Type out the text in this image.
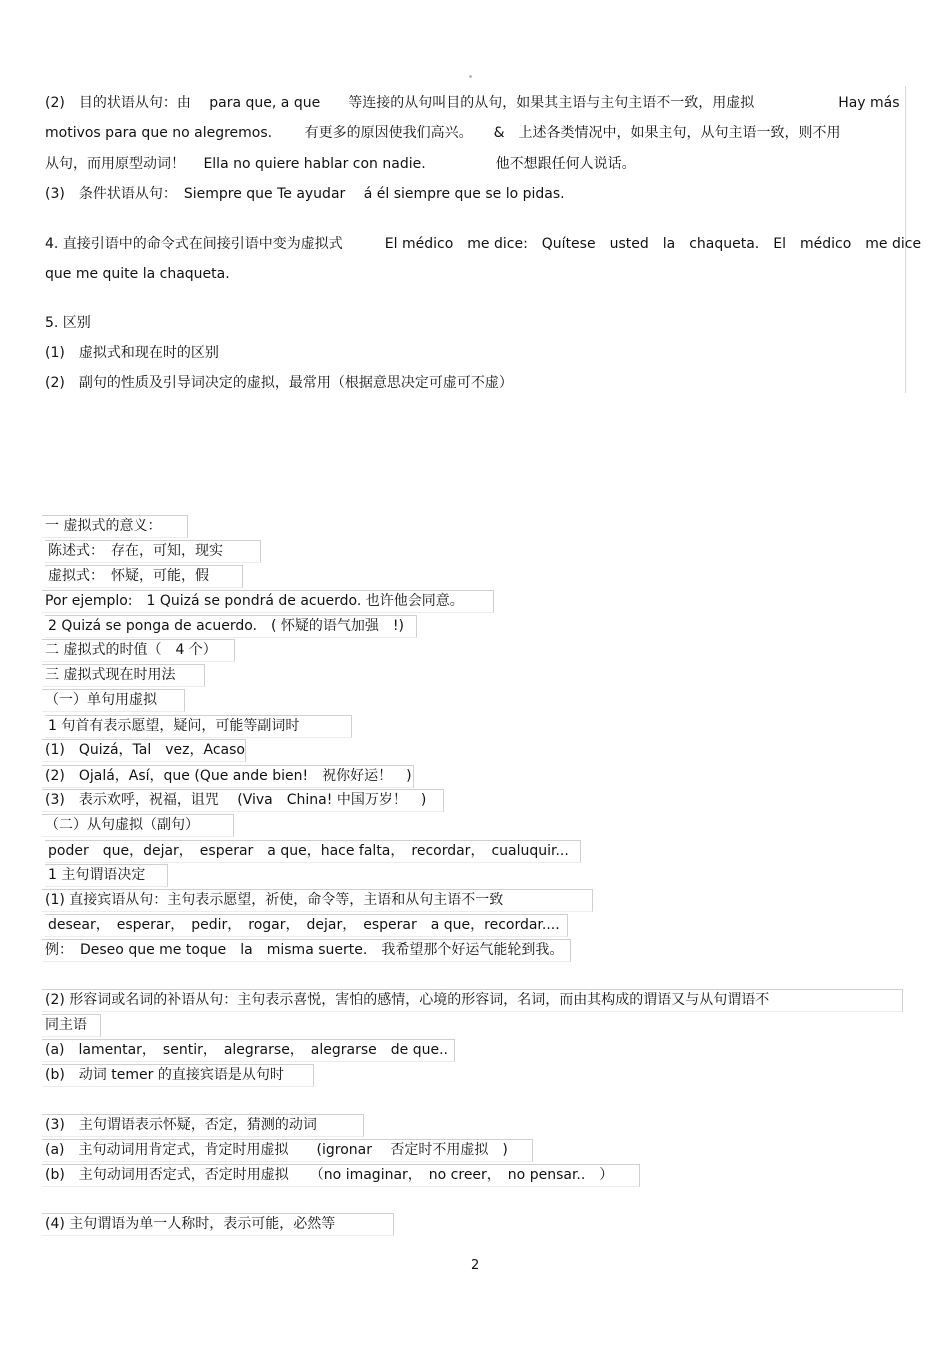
(2)　目的状语从句：由　 para que, a que　　等连接的从句叫目的从句，如果其主语与主句主语不一致，用虚拟　　　　　　Hay más
motivos para que no alegremos.　　 有更多的原因使我们高兴。　　&　上述各类情况中，如果主句，从句主语一致，则不用
从句，而用原型动词！　 Ella no quiere hablar con nadie.　　　　　他不想跟任何人说话。
(3)　条件状语从句：　Siempre que Te ayudar　 á él siempre que se lo pidas.
4. 直接引语中的命令式在间接引语中变为虚拟式　　　El médico　me dice:　Quítese　usted　la　chaqueta.　El　médico　me dice
que me quite la chaqueta.
5. 区别
(1)　虚拟式和现在时的区别
(2)　副句的性质及引导词决定的虚拟，最常用（根据意思决定可虚可不虚）
一 虚拟式的意义：
陈述式：　存在，可知，现实
虚拟式：　怀疑，可能，假
Por ejemplo:　1 Quizá se pondrá de acuerdo. 也许他会同意。
2 Quizá se ponga de acuerdo.　( 怀疑的语气加强　!)
二 虚拟式的时值（　4 个）
三 虚拟式现在时用法
（一）单句用虚拟
1 句首有表示愿望，疑问，可能等副词时
(1)　Quizá，Tal　vez，Acaso
(2)　Ojalá，Así，que (Que ande bien!　祝你好运！　)
(3)　表示欢呼，祝福，诅咒　 (Viva　China! 中国万岁！　)
（二）从句虚拟（副句）
poder　que，dejar，　esperar　a que，hace falta，　recordar，　cualuquir...
1 主句谓语决定
(1) 直接宾语从句：主句表示愿望，祈使，命令等，主语和从句主语不一致
desear，　esperar，　pedir，　rogar，　dejar，　esperar　a que，recordar....
例：　Deseo que me toque　la　misma suerte.　我希望那个好运气能轮到我。
(2) 形容词或名词的补语从句：主句表示喜悦，害怕的感情，心境的形容词，名词，而由其构成的谓语又与从句谓语不
同主语
(a)　lamentar，　sentir，　alegrarse，　alegrarse　de que..
(b)　动词 temer 的直接宾语是从句时
(3)　主句谓语表示怀疑，否定，猜测的动词
(a)　主句动词用肯定式，肯定时用虚拟　　(igronar　 否定时不用虚拟　)
(b)　主句动词用否定式，否定时用虚拟　　（no imaginar，　no creer，　no pensar..　）
(4) 主句谓语为单一人称时，表示可能，必然等
2
